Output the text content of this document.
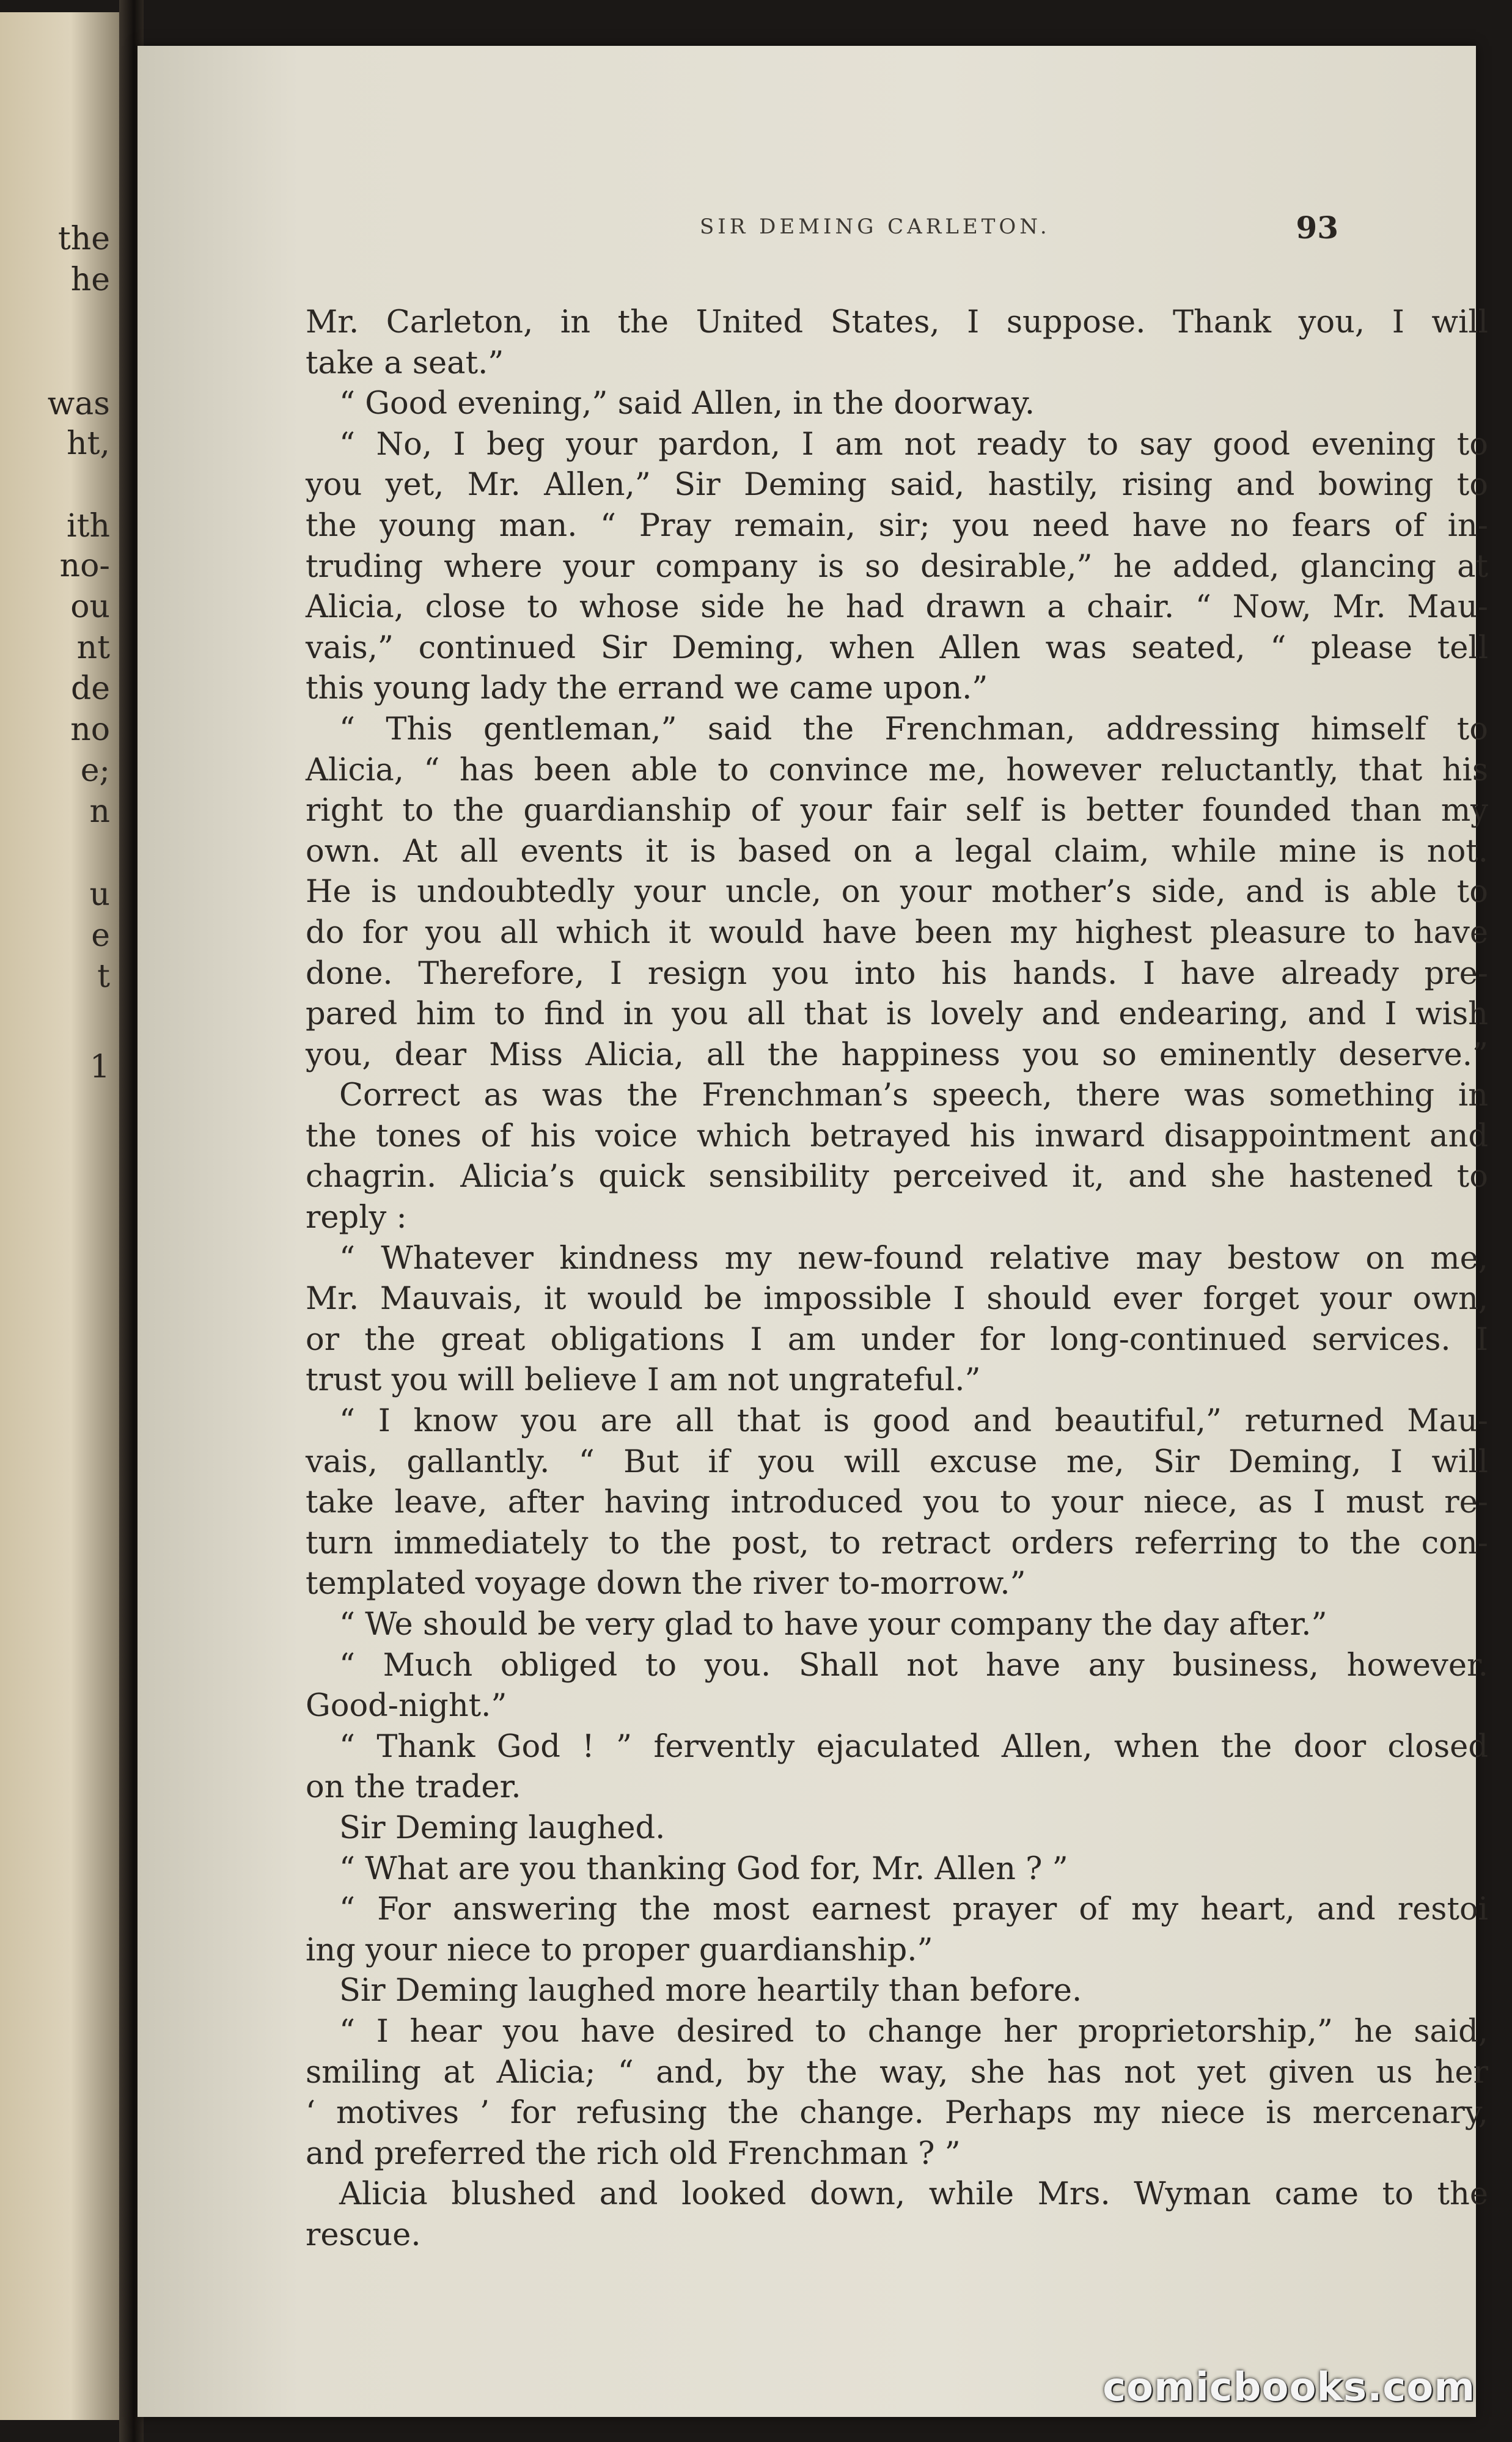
the
he
was
ht,
ith
no-
ou
nt
de
no
e;
n
u
e
t
1
SIR DEMING CARLETON.	93
Mr. Carleton, in the United States, I suppose. Thank you, I will
take a seat.”
“ Good evening,” said Allen, in the doorway.
“ No, I beg your pardon, I am not ready to say good evening to
you yet, Mr. Allen,” Sir Deming said, hastily, rising and bowing to
the young man. “ Pray remain, sir; you need have no fears of in-
truding where your company is so desirable,” he added, glancing at
Alicia, close to whose side he had drawn a chair. “ Now, Mr. Mau-
vais,” continued Sir Deming, when Allen was seated, “ please tell
this young lady the errand we came upon.”
“ This gentleman,” said the Frenchman, addressing himself to
Alicia, “ has been able to convince me, however reluctantly, that his
right to the guardianship of your fair self is better founded than my
own. At all events it is based on a legal claim, while mine is not.
He is undoubtedly your uncle, on your mother’s side, and is able to
do for you all which it would have been my highest pleasure to have
done. Therefore, I resign you into his hands. I have already pre-
pared him to find in you all that is lovely and endearing, and I wish
you, dear Miss Alicia, all the happiness you so eminently deserve.”
Correct as was the Frenchman’s speech, there was something in
the tones of his voice which betrayed his inward disappointment and
chagrin. Alicia’s quick sensibility perceived it, and she hastened to
reply :
“ Whatever kindness my new-found relative may bestow on me,
Mr. Mauvais, it would be impossible I should ever forget your own,
or the great obligations I am under for long-continued services. I
trust you will believe I am not ungrateful.”
“ I know you are all that is good and beautiful,” returned Mau-
vais, gallantly. “ But if you will excuse me, Sir Deming, I will
take leave, after having introduced you to your niece, as I must re-
turn immediately to the post, to retract orders referring to the con-
templated voyage down the river to-morrow.”
“ We should be very glad to have your company the day after.”
“ Much obliged to you. Shall not have any business, however.
Good-night.”
“ Thank God ! ” fervently ejaculated Allen, when the door closed
on the trader.
Sir Deming laughed.
“ What are you thanking God for, Mr. Allen ? ”
“ For answering the most earnest prayer of my heart, and restoi
ing your niece to proper guardianship.”
Sir Deming laughed more heartily than before.
“ I hear you have desired to change her proprietorship,” he said,
smiling at Alicia; “ and, by the way, she has not yet given us her
‘ motives ’ for refusing the change. Perhaps my niece is mercenary,
and preferred the rich old Frenchman ? ”
Alicia blushed and looked down, while Mrs. Wyman came to the
rescue.
comicbooks.com
